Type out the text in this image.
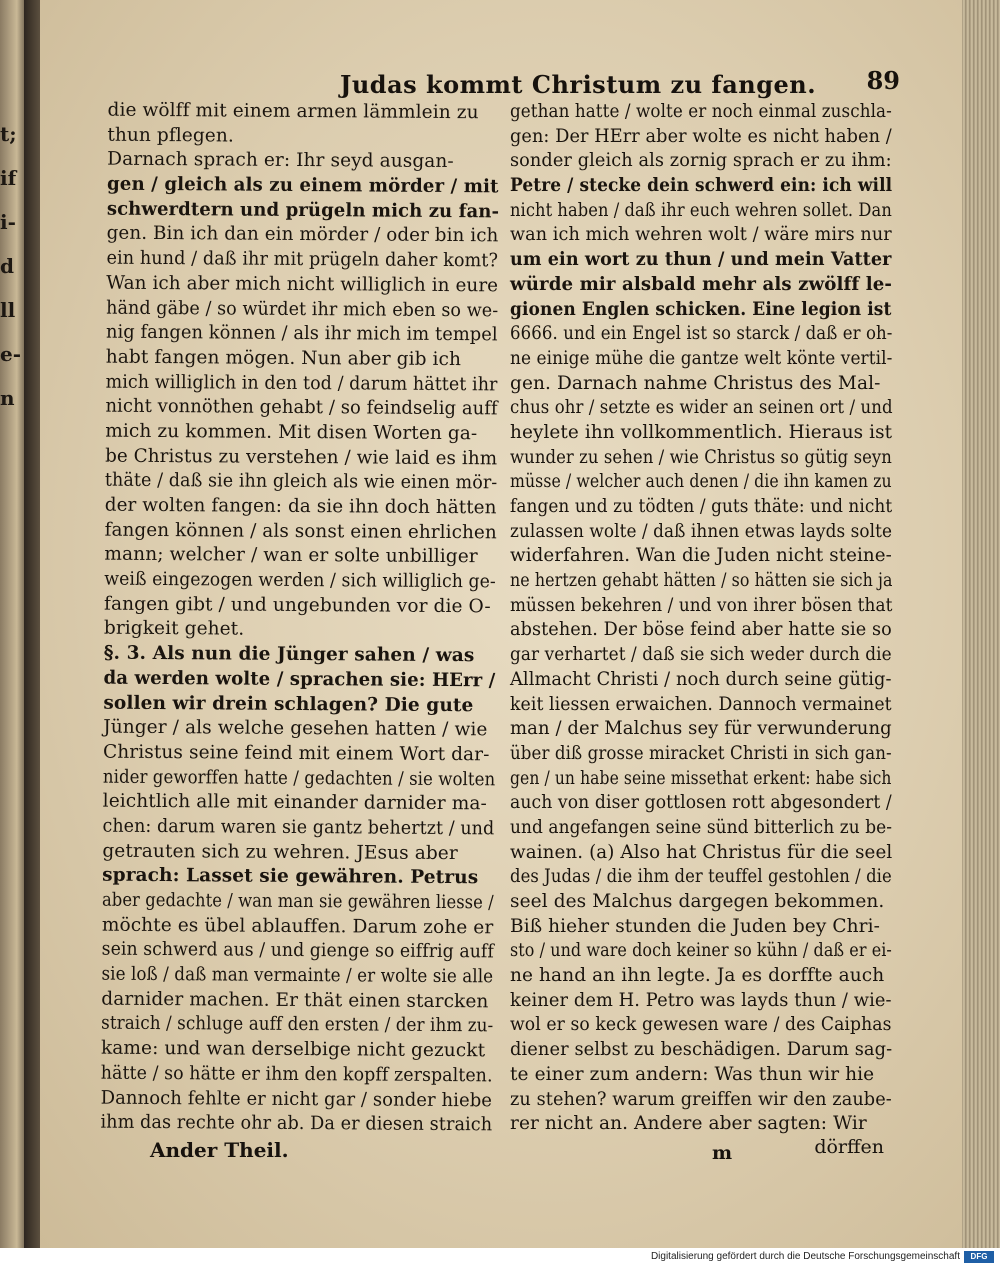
t;
if
i-
d
ll
e-
n
Judas kommt Christum zu fangen. 89
die wölff mit einem armen lämmlein zu
thun pflegen.
Darnach sprach er: Ihr seyd ausgan-
gen / gleich als zu einem mörder / mit
schwerdtern und prügeln mich zu fan-
gen. Bin ich dan ein mörder / oder bin ich
ein hund / daß ihr mit prügeln daher komt?
Wan ich aber mich nicht williglich in eure
händ gäbe / so würdet ihr mich eben so we-
nig fangen können / als ihr mich im tempel
habt fangen mögen. Nun aber gib ich
mich williglich in den tod / darum hättet ihr
nicht vonnöthen gehabt / so feindselig auff
mich zu kommen. Mit disen Worten ga-
be Christus zu verstehen / wie laid es ihm
thäte / daß sie ihn gleich als wie einen mör-
der wolten fangen: da sie ihn doch hätten
fangen können / als sonst einen ehrlichen
mann; welcher / wan er solte unbilliger
weiß eingezogen werden / sich williglich ge-
fangen gibt / und ungebunden vor die O-
brigkeit gehet.
§. 3. Als nun die Jünger sahen / was
da werden wolte / sprachen sie: HErr /
sollen wir drein schlagen? Die gute
Jünger / als welche gesehen hatten / wie
Christus seine feind mit einem Wort dar-
nider geworffen hatte / gedachten / sie wolten
leichtlich alle mit einander darnider ma-
chen: darum waren sie gantz behertzt / und
getrauten sich zu wehren. JEsus aber
sprach: Lasset sie gewähren. Petrus
aber gedachte / wan man sie gewähren liesse /
möchte es übel ablauffen. Darum zohe er
sein schwerd aus / und gienge so eiffrig auff
sie loß / daß man vermainte / er wolte sie alle
darnider machen. Er thät einen starcken
straich / schluge auff den ersten / der ihm zu-
kame: und wan derselbige nicht gezuckt
hätte / so hätte er ihm den kopff zerspalten.
Dannoch fehlte er nicht gar / sonder hiebe
ihm das rechte ohr ab. Da er diesen straich
gethan hatte / wolte er noch einmal zuschla-
gen: Der HErr aber wolte es nicht haben /
sonder gleich als zornig sprach er zu ihm:
Petre / stecke dein schwerd ein: ich will
nicht haben / daß ihr euch wehren sollet. Dan
wan ich mich wehren wolt / wäre mirs nur
um ein wort zu thun / und mein Vatter
würde mir alsbald mehr als zwölff le-
gionen Englen schicken. Eine legion ist
6666. und ein Engel ist so starck / daß er oh-
ne einige mühe die gantze welt könte vertil-
gen. Darnach nahme Christus des Mal-
chus ohr / setzte es wider an seinen ort / und
heylete ihn vollkommentlich. Hieraus ist
wunder zu sehen / wie Christus so gütig seyn
müsse / welcher auch denen / die ihn kamen zu
fangen und zu tödten / guts thäte: und nicht
zulassen wolte / daß ihnen etwas layds solte
widerfahren. Wan die Juden nicht steine-
ne hertzen gehabt hätten / so hätten sie sich ja
müssen bekehren / und von ihrer bösen that
abstehen. Der böse feind aber hatte sie so
gar verhartet / daß sie sich weder durch die
Allmacht Christi / noch durch seine gütig-
keit liessen erwaichen. Dannoch vermainet
man / der Malchus sey für verwunderung
über diß grosse miracket Christi in sich gan-
gen / un habe seine missethat erkent: habe sich
auch von diser gottlosen rott abgesondert /
und angefangen seine sünd bitterlich zu be-
wainen. (a) Also hat Christus für die seel
des Judas / die ihm der teuffel gestohlen / die
seel des Malchus dargegen bekommen.
Biß hieher stunden die Juden bey Chri-
sto / und ware doch keiner so kühn / daß er ei-
ne hand an ihn legte. Ja es dorffte auch
keiner dem H. Petro was layds thun / wie-
wol er so keck gewesen ware / des Caiphas
diener selbst zu beschädigen. Darum sag-
te einer zum andern: Was thun wir hie
zu stehen? warum greiffen wir den zaube-
rer nicht an. Andere aber sagten: Wir
Ander Theil.	m	dörffen
Digitalisierung gefördert durch die Deutsche Forschungsgemeinschaft	DFG
